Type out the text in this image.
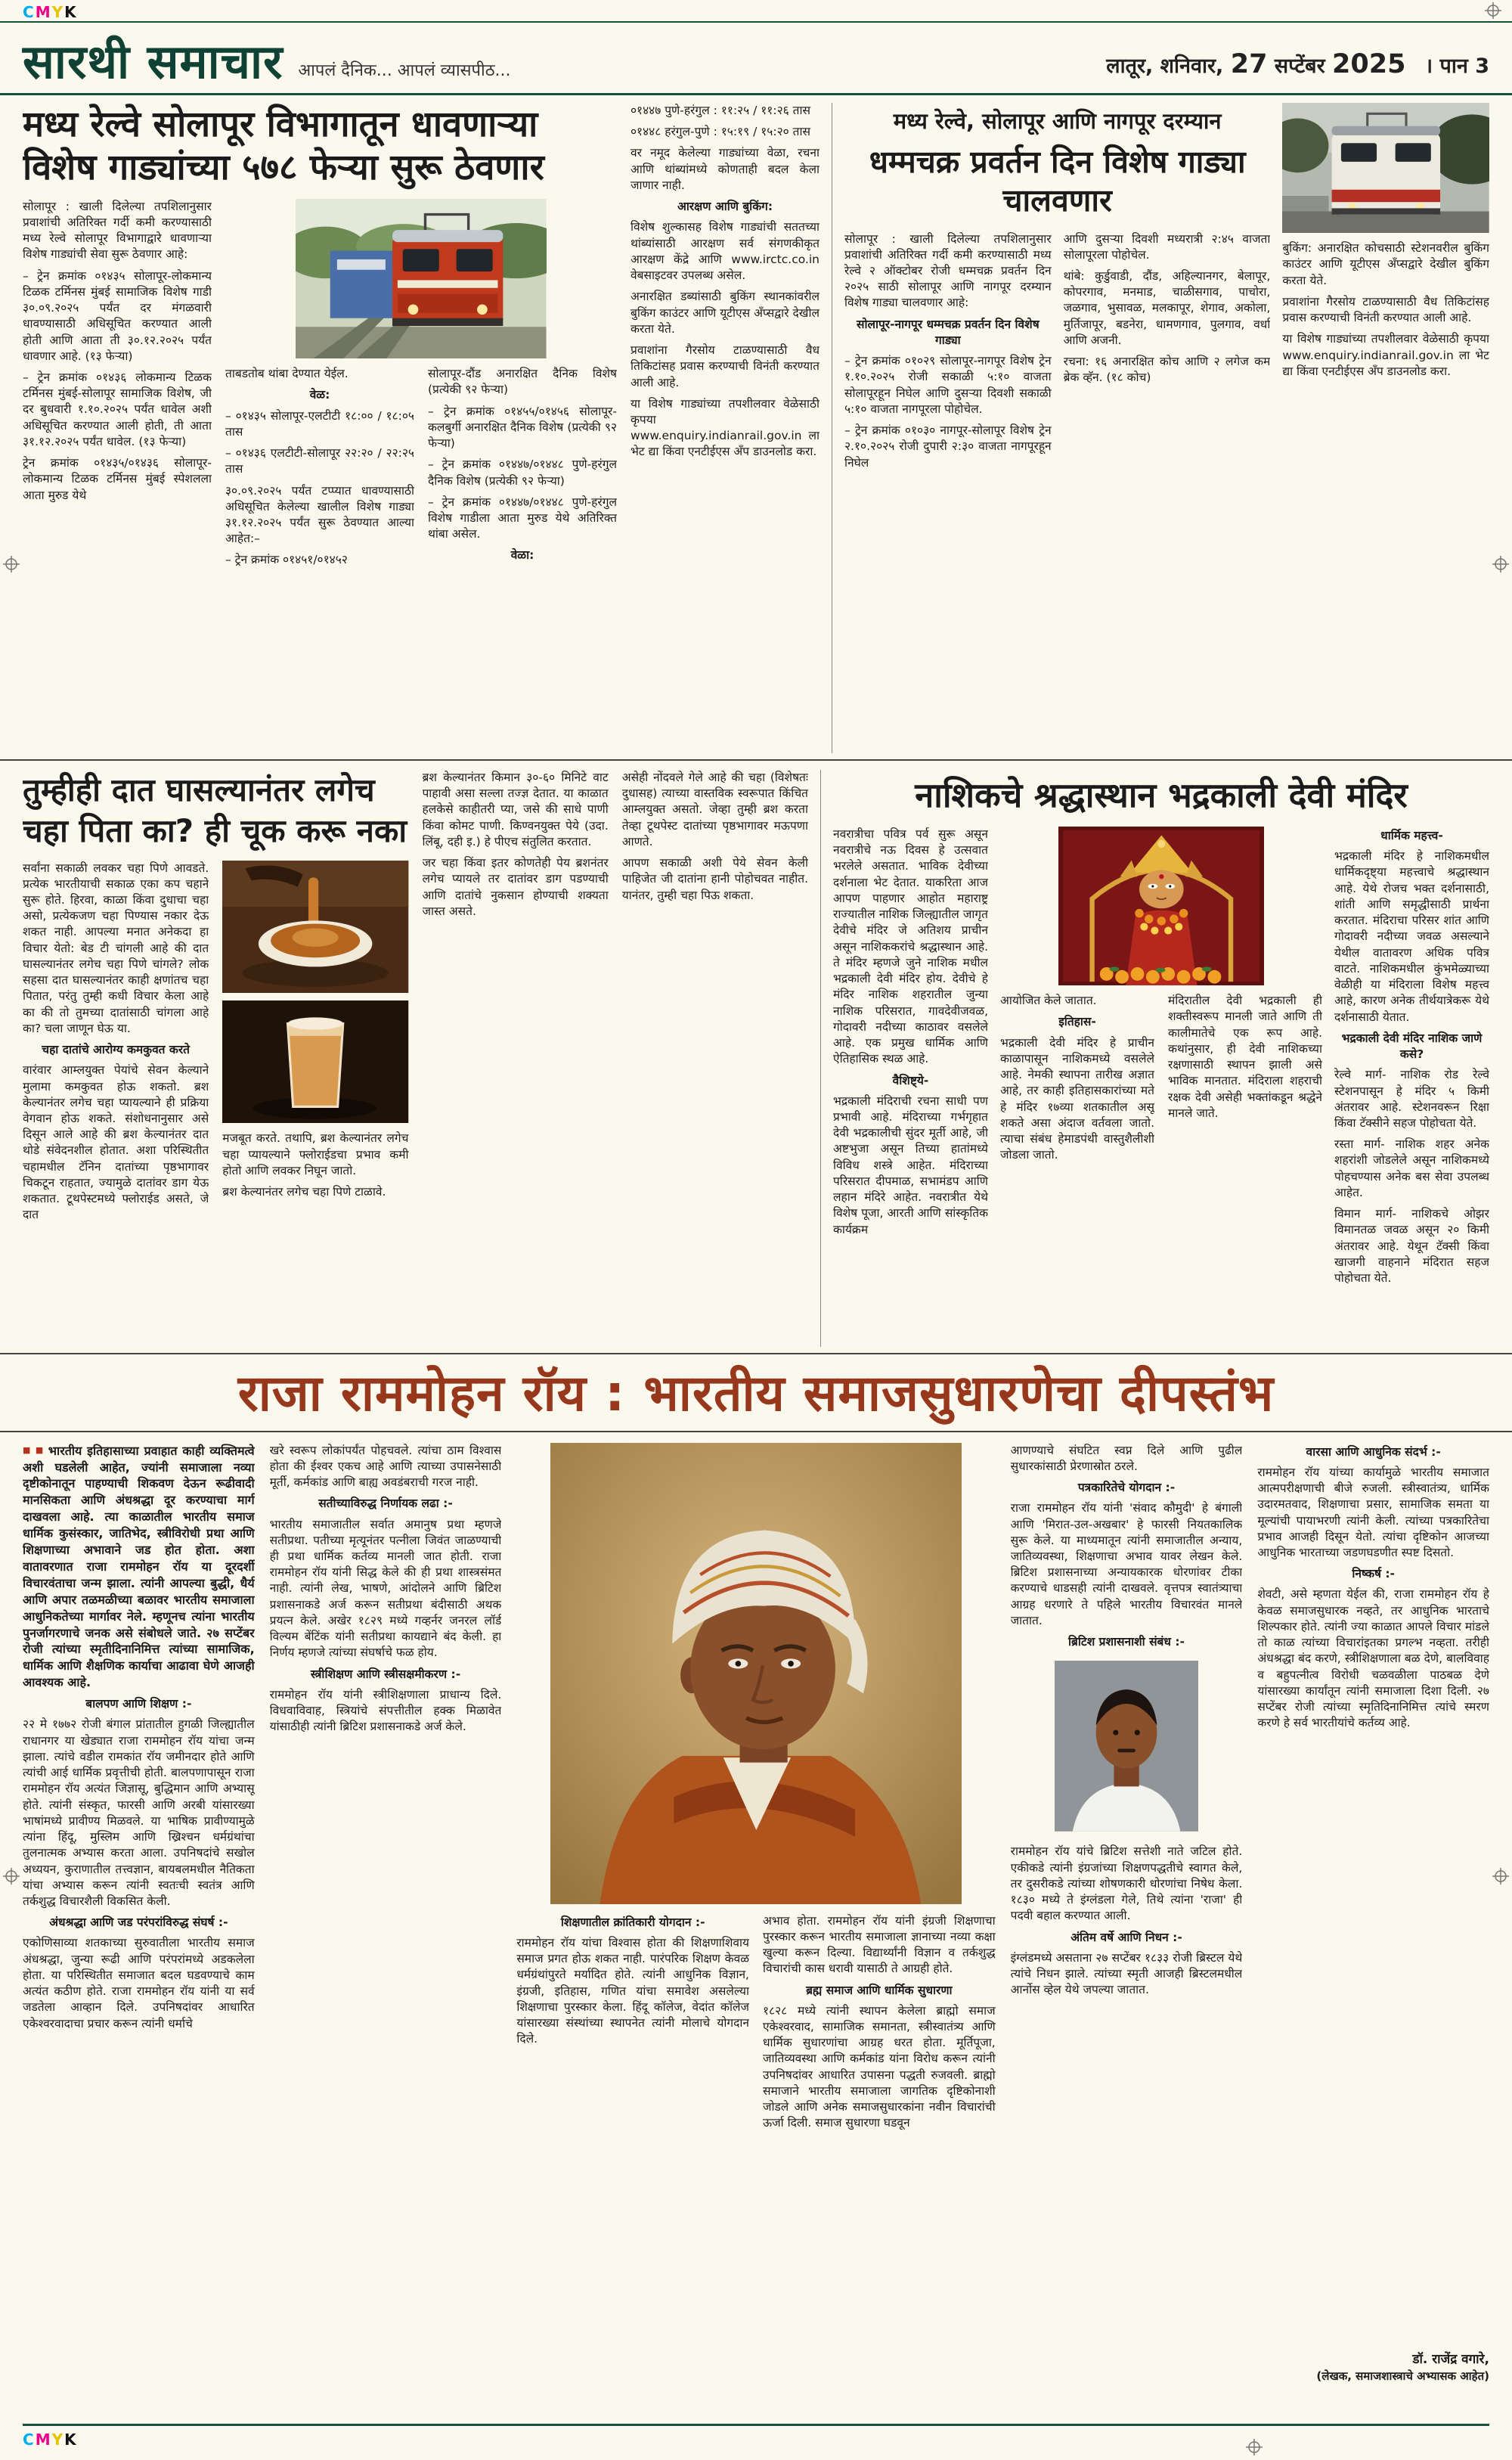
CMYK
सारथी समाचार आपलं दैनिक... आपलं व्यासपीठ...	लातूर, शनिवार, 27 सप्टेंबर 2025 । पान 3
मध्य रेल्वे सोलापूर विभागातून धावणाऱ्या विशेष गाड्यांच्या ५७८ फेऱ्या सुरू ठेवणार
सोलापूर : खाली दिलेल्या तपशिलानुसार प्रवाशांची अतिरिक्त गर्दी कमी करण्यासाठी मध्य रेल्वे सोलापूर विभागाद्वारे धावणाऱ्या विशेष गाड्यांची सेवा सुरू ठेवणार आहे:
– ट्रेन क्रमांक ०१४३५ सोलापूर-लोकमान्य टिळक टर्मिनस मुंबई सामाजिक विशेष गाडी ३०.०९.२०२५ पर्यंत दर मंगळवारी धावण्यासाठी अधिसूचित करण्यात आली होती आणि आता ती ३०.१२.२०२५ पर्यंत धावणार आहे. (१३ फेऱ्या)
– ट्रेन क्रमांक ०१४३६ लोकमान्य टिळक टर्मिनस मुंबई-सोलापूर सामाजिक विशेष, जी दर बुधवारी १.१०.२०२५ पर्यंत धावेल अशी अधिसूचित करण्यात आली होती, ती आता ३१.१२.२०२५ पर्यंत धावेल. (१३ फेऱ्या)
ट्रेन क्रमांक ०१४३५/०१४३६ सोलापूर-लोकमान्य टिळक टर्मिनस मुंबई स्पेशलला आता मुरुड येथे
ताबडतोब थांबा देण्यात येईल.
वेळ:
– ०१४३५ सोलापूर-एलटीटी १८:०० / १८:०५ तास
– ०१४३६ एलटीटी-सोलापूर २२:२० / २२:२५ तास
३०.०९.२०२५ पर्यंत टप्प्यात धावण्यासाठी अधिसूचित केलेल्या खालील विशेष गाड्या ३१.१२.२०२५ पर्यंत सुरू ठेवण्यात आल्या आहेत:–
– ट्रेन क्रमांक ०१४५१/०१४५२
सोलापूर-दौंड अनारक्षित दैनिक विशेष (प्रत्येकी ९२ फेऱ्या)
– ट्रेन क्रमांक ०१४५५/०१४५६ सोलापूर-कलबुर्गी अनारक्षित दैनिक विशेष (प्रत्येकी ९२ फेऱ्या)
– ट्रेन क्रमांक ०१४४७/०१४४८ पुणे-हरंगुल दैनिक विशेष (प्रत्येकी ९२ फेऱ्या)
– ट्रेन क्रमांक ०१४४७/०१४४८ पुणे-हरंगुल विशेष गाडीला आता मुरुड येथे अतिरिक्त थांबा असेल.
वेळा:
०१४४७ पुणे-हरंगुल : ११:२५ / ११:२६ तास
०१४४८ हरंगुल-पुणे : १५:१९ / १५:२० तास
वर नमूद केलेल्या गाड्यांच्या वेळा, रचना आणि थांब्यांमध्ये कोणताही बदल केला जाणार नाही.
आरक्षण आणि बुकिंग:
विशेष शुल्कासह विशेष गाड्यांची सततच्या थांब्यांसाठी आरक्षण सर्व संगणकीकृत आरक्षण केंद्रे आणि www.irctc.co.in वेबसाइटवर उपलब्ध असेल.
अनारक्षित डब्यांसाठी बुकिंग स्थानकांवरील बुकिंग काउंटर आणि यूटीएस अँप्सद्वारे देखील करता येते.
प्रवाशांना गैरसोय टाळण्यासाठी वैध तिकिटांसह प्रवास करण्याची विनंती करण्यात आली आहे.
या विशेष गाड्यांच्या तपशीलवार वेळेसाठी कृपया www.enquiry.indianrail.gov.in ला भेट द्या किंवा एनटीईएस अँप डाउनलोड करा.
मध्य रेल्वे, सोलापूर आणि नागपूर दरम्यान
धम्मचक्र प्रवर्तन दिन विशेष गाड्या चालवणार
सोलापूर : खाली दिलेल्या तपशिलानुसार प्रवाशांची अतिरिक्त गर्दी कमी करण्यासाठी मध्य रेल्वे २ ऑक्टोबर रोजी धम्मचक्र प्रवर्तन दिन २०२५ साठी सोलापूर आणि नागपूर दरम्यान विशेष गाड्या चालवणार आहे:
सोलापूर-नागपूर धम्मचक्र प्रवर्तन दिन विशेष गाड्या
– ट्रेन क्रमांक ०१०२९ सोलापूर-नागपूर विशेष ट्रेन १.१०.२०२५ रोजी सकाळी ५:१० वाजता सोलापूरहून निघेल आणि दुसऱ्या दिवशी सकाळी ५:१० वाजता नागपूरला पोहोचेल.
– ट्रेन क्रमांक ०१०३० नागपूर-सोलापूर विशेष ट्रेन २.१०.२०२५ रोजी दुपारी २:३० वाजता नागपूरहून निघेल
आणि दुसऱ्या दिवशी मध्यरात्री २:४५ वाजता सोलापूरला पोहोचेल.
थांबे: कुर्डुवाडी, दौंड, अहिल्यानगर, बेलापूर, कोपरगाव, मनमाड, चाळीसगाव, पाचोरा, जळगाव, भुसावळ, मलकापूर, शेगाव, अकोला, मुर्तिजापूर, बडनेरा, धामणगाव, पुलगाव, वर्धा आणि अजनी.
रचना: १६ अनारक्षित कोच आणि २ लगेज कम ब्रेक व्हॅन. (१८ कोच)
बुकिंग: अनारक्षित कोचसाठी स्टेशनवरील बुकिंग काउंटर आणि यूटीएस अँप्सद्वारे देखील बुकिंग करता येते.
प्रवाशांना गैरसोय टाळण्यासाठी वैध तिकिटांसह प्रवास करण्याची विनंती करण्यात आली आहे.
या विशेष गाड्यांच्या तपशीलवार वेळेसाठी कृपया www.enquiry.indianrail.gov.in ला भेट द्या किंवा एनटीईएस अँप डाउनलोड करा.
तुम्हीही दात घासल्यानंतर लगेच चहा पिता का? ही चूक करू नका
सर्वांना सकाळी लवकर चहा पिणे आवडते. प्रत्येक भारतीयाची सकाळ एका कप चहाने सुरू होते. हिरवा, काळा किंवा दुधाचा चहा असो, प्रत्येकजण चहा पिण्यास नकार देऊ शकत नाही. आपल्या मनात अनेकदा हा विचार येतो: बेड टी चांगली आहे की दात घासल्यानंतर लगेच चहा पिणे चांगले? लोक सहसा दात घासल्यानंतर काही क्षणांतच चहा पितात, परंतु तुम्ही कधी विचार केला आहे का की तो तुमच्या दातांसाठी चांगला आहे का? चला जाणून घेऊ या.
चहा दातांचे आरोग्य कमकुवत करते
वारंवार आम्लयुक्त पेयांचे सेवन केल्याने मुलामा कमकुवत होऊ शकतो. ब्रश केल्यानंतर लगेच चहा प्यायल्याने ही प्रक्रिया वेगवान होऊ शकते. संशोधनानुसार असे दिसून आले आहे की ब्रश केल्यानंतर दात थोडे संवेदनशील होतात. अशा परिस्थितीत चहामधील टॅनिन दातांच्या पृष्ठभागावर चिकटून राहतात, ज्यामुळे दातांवर डाग येऊ शकतात. टूथपेस्टमध्ये फ्लोराईड असते, जे दात
मजबूत करते. तथापि, ब्रश केल्यानंतर लगेच चहा प्यायल्याने फ्लोराईडचा प्रभाव कमी होतो आणि लवकर निघून जातो.
ब्रश केल्यानंतर लगेच चहा पिणे टाळावे.
ब्रश केल्यानंतर किमान ३०-६० मिनिटे वाट पाहावी असा सल्ला तज्ज्ञ देतात. या काळात हलकेसे काहीतरी प्या, जसे की साधे पाणी किंवा कोमट पाणी. किण्वनयुक्त पेये (उदा. लिंबू, दही इ.) हे पीएच संतुलित करतात.
जर चहा किंवा इतर कोणतेही पेय ब्रशनंतर लगेच प्यायले तर दातांवर डाग पडण्याची आणि दातांचे नुकसान होण्याची शक्यता जास्त असते.
असेही नोंदवले गेले आहे की चहा (विशेषतः दुधासह) त्याच्या वास्तविक स्वरूपात किंचित आम्लयुक्त असतो. जेव्हा तुम्ही ब्रश करता तेव्हा टूथपेस्ट दातांच्या पृष्ठभागावर मऊपणा आणते.
आपण सकाळी अशी पेये सेवन केली पाहिजेत जी दातांना हानी पोहोचवत नाहीत. यानंतर, तुम्ही चहा पिऊ शकता.
नाशिकचे श्रद्धास्थान भद्रकाली देवी मंदिर
नवरात्रीचा पवित्र पर्व सुरू असून नवरात्रीचे नऊ दिवस हे उत्सवात भरलेले असतात. भाविक देवीच्या दर्शनाला भेट देतात. याकरिता आज आपण पाहणार आहोत महाराष्ट्र राज्यातील नाशिक जिल्ह्यातील जागृत देवीचे मंदिर जे अतिशय प्राचीन असून नाशिककरांचे श्रद्धास्थान आहे. ते मंदिर म्हणजे जुने नाशिक मधील भद्रकाली देवी मंदिर होय. देवीचे हे मंदिर नाशिक शहरातील जुन्या नाशिक परिसरात, गावदेवीजवळ, गोदावरी नदीच्या काठावर वसलेले आहे. एक प्रमुख धार्मिक आणि ऐतिहासिक स्थळ आहे.
वैशिष्ट्ये-
भद्रकाली मंदिराची रचना साधी पण प्रभावी आहे. मंदिराच्या गर्भगृहात देवी भद्रकालीची सुंदर मूर्ती आहे, जी अष्टभुजा असून तिच्या हातांमध्ये विविध शस्त्रे आहेत. मंदिराच्या परिसरात दीपमाळ, सभामंडप आणि लहान मंदिरे आहेत. नवरात्रीत येथे विशेष पूजा, आरती आणि सांस्कृतिक कार्यक्रम
आयोजित केले जातात.
इतिहास-
भद्रकाली देवी मंदिर हे प्राचीन काळापासून नाशिकमध्ये वसलेले आहे. नेमकी स्थापना तारीख अज्ञात आहे, तर काही इतिहासकारांच्या मते हे मंदिर १७व्या शतकातील असू शकते असा अंदाज वर्तवला जातो. त्याचा संबंध हेमाडपंथी वास्तुशैलीशी जोडला जातो.
मंदिरातील देवी भद्रकाली ही शक्तीस्वरूप मानली जाते आणि ती कालीमातेचे एक रूप आहे. कथांनुसार, ही देवी नाशिकच्या रक्षणासाठी स्थापन झाली असे भाविक मानतात. मंदिराला शहराची रक्षक देवी असेही भक्तांकडून श्रद्धेने मानले जाते.
धार्मिक महत्त्व-
भद्रकाली मंदिर हे नाशिकमधील धार्मिकदृष्ट्या महत्त्वाचे श्रद्धास्थान आहे. येथे रोजच भक्त दर्शनासाठी, शांती आणि समृद्धीसाठी प्रार्थना करतात. मंदिराचा परिसर शांत आणि गोदावरी नदीच्या जवळ असल्याने येथील वातावरण अधिक पवित्र वाटते. नाशिकमधील कुंभमेळ्याच्या वेळीही या मंदिराला विशेष महत्त्व आहे, कारण अनेक तीर्थयात्रेकरू येथे दर्शनासाठी येतात.
भद्रकाली देवी मंदिर नाशिक जाणे कसे?
रेल्वे मार्ग- नाशिक रोड रेल्वे स्टेशनपासून हे मंदिर ५ किमी अंतरावर आहे. स्टेशनवरून रिक्षा किंवा टॅक्सीने सहज पोहोचता येते.
रस्ता मार्ग- नाशिक शहर अनेक शहरांशी जोडलेले असून नाशिकमध्ये पोहचण्यास अनेक बस सेवा उपलब्ध आहेत.
विमान मार्ग- नाशिकचे ओझर विमानतळ जवळ असून २० किमी अंतरावर आहे. येथून टॅक्सी किंवा खाजगी वाहनाने मंदिरात सहज पोहोचता येते.
राजा राममोहन रॉय : भारतीय समाजसुधारणेचा दीपस्तंभ
■ ■ भारतीय इतिहासाच्या प्रवाहात काही व्यक्तिमत्वे अशी घडलेली आहेत, ज्यांनी समाजाला नव्या दृष्टीकोनातून पाहण्याची शिकवण देऊन रूढीवादी मानसिकता आणि अंधश्रद्धा दूर करण्याचा मार्ग दाखवला आहे. त्या काळातील भारतीय समाज धार्मिक कुसंस्कार, जातिभेद, स्त्रीविरोधी प्रथा आणि शिक्षणाच्या अभावाने जड होत होता. अशा वातावरणात राजा राममोहन रॉय या दूरदर्शी विचारवंताचा जन्म झाला. त्यांनी आपल्या बुद्धी, धैर्य आणि अपार तळमळीच्या बळावर भारतीय समाजाला आधुनिकतेच्या मार्गावर नेले. म्हणूनच त्यांना भारतीय पुनर्जागरणाचे जनक असे संबोधले जाते. २७ सप्टेंबर रोजी त्यांच्या स्मृतीदिनानिमित्त त्यांच्या सामाजिक, धार्मिक आणि शैक्षणिक कार्याचा आढावा घेणे आजही आवश्यक आहे.
बालपण आणि शिक्षण :-
२२ मे १७७२ रोजी बंगाल प्रांतातील हुगळी जिल्ह्यातील राधानगर या खेड्यात राजा राममोहन रॉय यांचा जन्म झाला. त्यांचे वडील रामकांत रॉय जमीनदार होते आणि त्यांची आई धार्मिक प्रवृत्तीची होती. बालपणापासून राजा राममोहन रॉय अत्यंत जिज्ञासू, बुद्धिमान आणि अभ्यासू होते. त्यांनी संस्कृत, फारसी आणि अरबी यांसारख्या भाषांमध्ये प्रावीण्य मिळवले. या भाषिक प्रावीण्यामुळे त्यांना हिंदू, मुस्लिम आणि ख्रिश्चन धर्मग्रंथांचा तुलनात्मक अभ्यास करता आला. उपनिषदांचे सखोल अध्ययन, कुराणातील तत्त्वज्ञान, बायबलमधील नैतिकता यांचा अभ्यास करून त्यांनी स्वतःची स्वतंत्र आणि तर्कशुद्ध विचारशैली विकसित केली.
अंधश्रद्धा आणि जड परंपरांविरुद्ध संघर्ष :-
एकोणिसाव्या शतकाच्या सुरुवातीला भारतीय समाज अंधश्रद्धा, जुन्या रूढी आणि परंपरांमध्ये अडकलेला होता. या परिस्थितीत समाजात बदल घडवण्याचे काम अत्यंत कठीण होते. राजा राममोहन रॉय यांनी या सर्व जडतेला आव्हान दिले. उपनिषदांवर आधारित एकेश्वरवादाचा प्रचार करून त्यांनी धर्माचे
खरे स्वरूप लोकांपर्यंत पोहचवले. त्यांचा ठाम विश्वास होता की ईश्वर एकच आहे आणि त्याच्या उपासनेसाठी मूर्ती, कर्मकांड आणि बाह्य अवडंबराची गरज नाही.
सतीच्याविरुद्ध निर्णायक लढा :-
भारतीय समाजातील सर्वात अमानुष प्रथा म्हणजे सतीप्रथा. पतीच्या मृत्यूनंतर पत्नीला जिवंत जाळण्याची ही प्रथा धार्मिक कर्तव्य मानली जात होती. राजा राममोहन रॉय यांनी सिद्ध केले की ही प्रथा शास्त्रसंमत नाही. त्यांनी लेख, भाषणे, आंदोलने आणि ब्रिटिश प्रशासनाकडे अर्ज करून सतीप्रथा बंदीसाठी अथक प्रयत्न केले. अखेर १८२९ मध्ये गव्हर्नर जनरल लॉर्ड विल्यम बेंटिंक यांनी सतीप्रथा कायद्याने बंद केली. हा निर्णय म्हणजे त्यांच्या संघर्षाचे फळ होय.
स्त्रीशिक्षण आणि स्त्रीसक्षमीकरण :-
राममोहन रॉय यांनी स्त्रीशिक्षणाला प्राधान्य दिले. विधवाविवाह, स्त्रियांचे संपत्तीतील हक्क मिळावेत यांसाठीही त्यांनी ब्रिटिश प्रशासनाकडे अर्ज केले.
शिक्षणातील क्रांतिकारी योगदान :-
राममोहन रॉय यांचा विश्वास होता की शिक्षणाशिवाय समाज प्रगत होऊ शकत नाही. पारंपरिक शिक्षण केवळ धर्मग्रंथांपुरते मर्यादित होते. त्यांनी आधुनिक विज्ञान, इंग्रजी, इतिहास, गणित यांचा समावेश असलेल्या शिक्षणाचा पुरस्कार केला. हिंदू कॉलेज, वेदांत कॉलेज यांसारख्या संस्थांच्या स्थापनेत त्यांनी मोलाचे योगदान दिले.
अभाव होता. राममोहन रॉय यांनी इंग्रजी शिक्षणाचा पुरस्कार करून भारतीय समाजाला ज्ञानाच्या नव्या कक्षा खुल्या करून दिल्या. विद्यार्थ्यांनी विज्ञान व तर्कशुद्ध विचारांची कास धरावी यासाठी ते आग्रही होते.
ब्रह्म समाज आणि धार्मिक सुधारणा
१८२८ मध्ये त्यांनी स्थापन केलेला ब्राह्मो समाज एकेश्वरवाद, सामाजिक समानता, स्त्रीस्वातंत्र्य आणि धार्मिक सुधारणांचा आग्रह धरत होता. मूर्तिपूजा, जातिव्यवस्था आणि कर्मकांड यांना विरोध करून त्यांनी उपनिषदांवर आधारित उपासना पद्धती रुजवली. ब्राह्मो समाजाने भारतीय समाजाला जागतिक दृष्टिकोनाशी जोडले आणि अनेक समाजसुधारकांना नवीन विचारांची ऊर्जा दिली. समाज सुधारणा घडवून
आणण्याचे संघटित स्वप्न दिले आणि पुढील सुधारकांसाठी प्रेरणास्रोत ठरले.
पत्रकारितेचे योगदान :-
राजा राममोहन रॉय यांनी 'संवाद कौमुदी' हे बंगाली आणि 'मिरात-उल-अखबार' हे फारसी नियतकालिक सुरू केले. या माध्यमातून त्यांनी समाजातील अन्याय, जातिव्यवस्था, शिक्षणाचा अभाव यावर लेखन केले. ब्रिटिश प्रशासनाच्या अन्यायकारक धोरणांवर टीका करण्याचे धाडसही त्यांनी दाखवले. वृत्तपत्र स्वातंत्र्याचा आग्रह धरणारे ते पहिले भारतीय विचारवंत मानले जातात.
ब्रिटिश प्रशासनाशी संबंध :-
राममोहन रॉय यांचे ब्रिटिश सत्तेशी नाते जटिल होते. एकीकडे त्यांनी इंग्रजांच्या शिक्षणपद्धतीचे स्वागत केले, तर दुसरीकडे त्यांच्या शोषणकारी धोरणांचा निषेध केला. १८३० मध्ये ते इंग्लंडला गेले, तिथे त्यांना 'राजा' ही पदवी बहाल करण्यात आली.
अंतिम वर्षे आणि निधन :-
इंग्लंडमध्ये असताना २७ सप्टेंबर १८३३ रोजी ब्रिस्टल येथे त्यांचे निधन झाले. त्यांच्या स्मृती आजही ब्रिस्टलमधील आर्नोस व्हेल येथे जपल्या जातात.
वारसा आणि आधुनिक संदर्भ :-
राममोहन रॉय यांच्या कार्यामुळे भारतीय समाजात आत्मपरीक्षणाची बीजे रुजली. स्त्रीस्वातंत्र्य, धार्मिक उदारमतवाद, शिक्षणाचा प्रसार, सामाजिक समता या मूल्यांची पायाभरणी त्यांनी केली. त्यांच्या पत्रकारितेचा प्रभाव आजही दिसून येतो. त्यांचा दृष्टिकोन आजच्या आधुनिक भारताच्या जडणघडणीत स्पष्ट दिसतो.
निष्कर्ष :-
शेवटी, असे म्हणता येईल की, राजा राममोहन रॉय हे केवळ समाजसुधारक नव्हते, तर आधुनिक भारताचे शिल्पकार होते. त्यांनी ज्या काळात आपले विचार मांडले तो काळ त्यांच्या विचारांइतका प्रगल्भ नव्हता. तरीही अंधश्रद्धा बंद करणे, स्त्रीशिक्षणाला बळ देणे, बालविवाह व बहुपत्नीत्व विरोधी चळवळीला पाठबळ देणे यांसारख्या कार्यांतून त्यांनी समाजाला दिशा दिली. २७ सप्टेंबर रोजी त्यांच्या स्मृतिदिनानिमित्त त्यांचे स्मरण करणे हे सर्व भारतीयांचे कर्तव्य आहे.
डॉ. राजेंद्र वगारे,
(लेखक, समाजशास्त्राचे अभ्यासक आहेत)
CMYK
